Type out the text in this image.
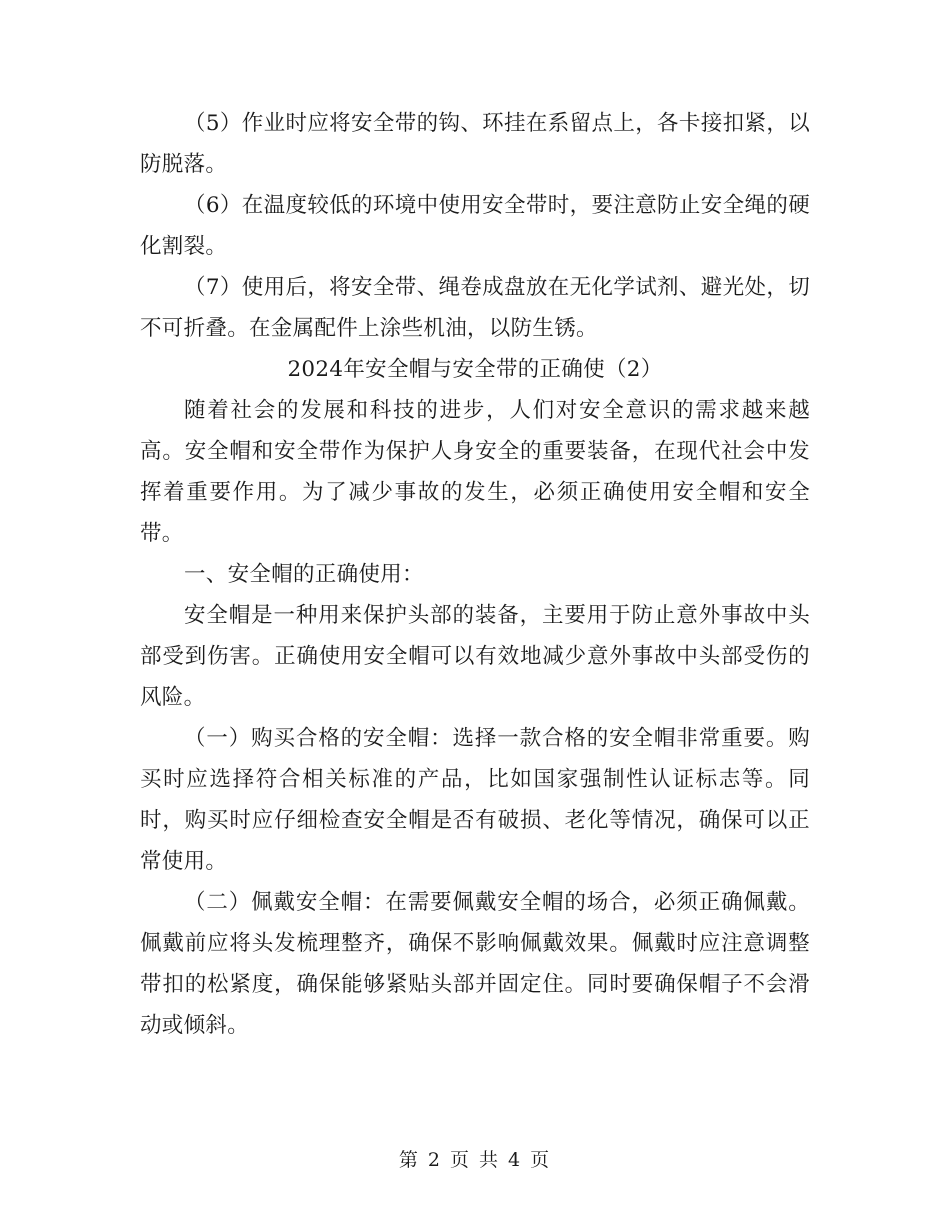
（5）作业时应将安全带的钩、环挂在系留点上，各卡接扣紧，以防脱落。

（6）在温度较低的环境中使用安全带时，要注意防止安全绳的硬化割裂。

（7）使用后，将安全带、绳卷成盘放在无化学试剂、避光处，切不可折叠。在金属配件上涂些机油，以防生锈。

2024年安全帽与安全带的正确使（2）

随着社会的发展和科技的进步，人们对安全意识的需求越来越高。安全帽和安全带作为保护人身安全的重要装备，在现代社会中发挥着重要作用。为了减少事故的发生，必须正确使用安全帽和安全带。

一、安全帽的正确使用：

安全帽是一种用来保护头部的装备，主要用于防止意外事故中头部受到伤害。正确使用安全帽可以有效地减少意外事故中头部受伤的风险。

（一）购买合格的安全帽：选择一款合格的安全帽非常重要。购买时应选择符合相关标准的产品，比如国家强制性认证标志等。同时，购买时应仔细检查安全帽是否有破损、老化等情况，确保可以正常使用。

（二）佩戴安全帽：在需要佩戴安全帽的场合，必须正确佩戴。佩戴前应将头发梳理整齐，确保不影响佩戴效果。佩戴时应注意调整带扣的松紧度，确保能够紧贴头部并固定住。同时要确保帽子不会滑动或倾斜。

第 2 页 共 4 页
